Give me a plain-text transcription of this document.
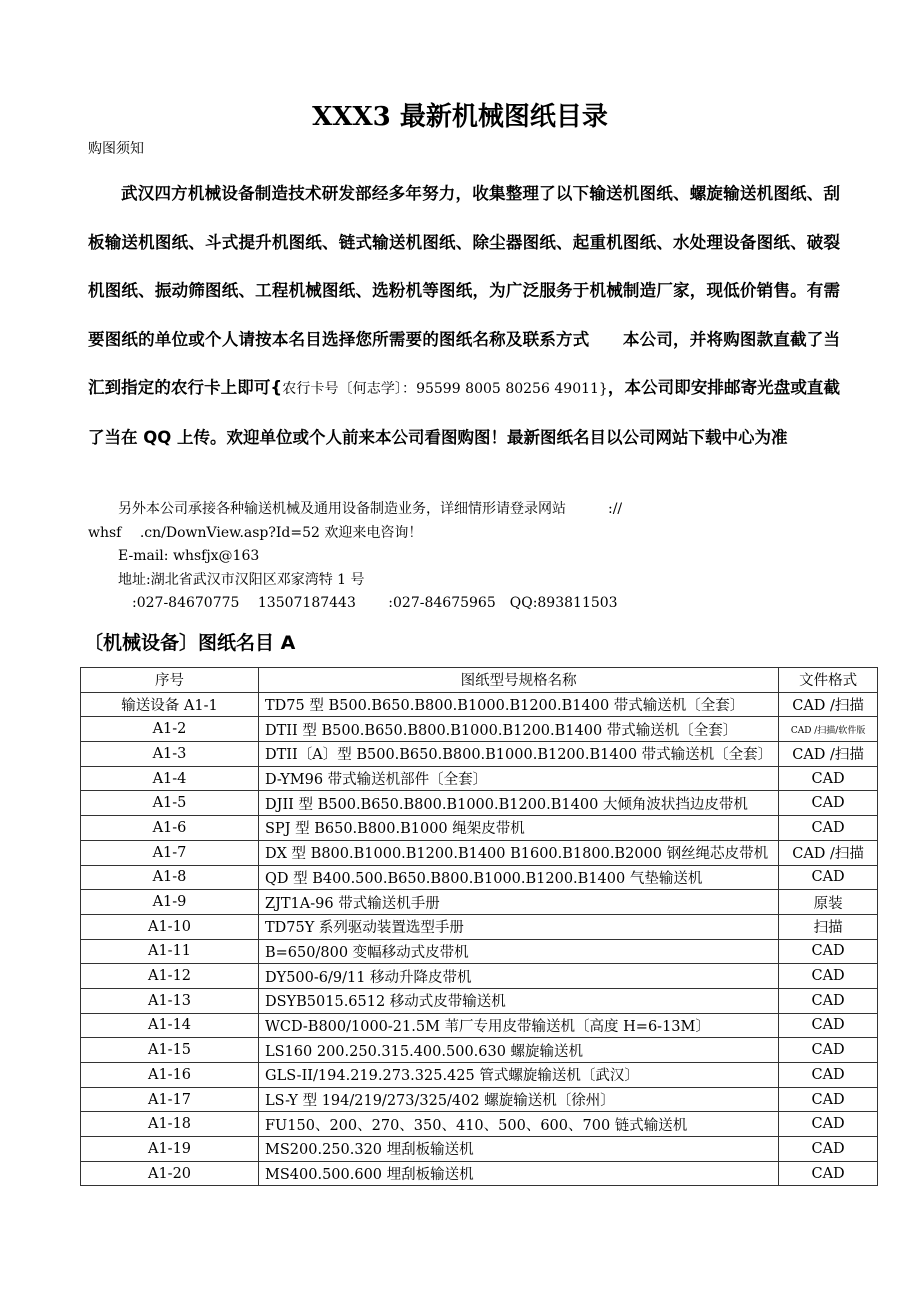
XXX3 最新机械图纸目录
购图须知
武汉四方机械设备制造技术研发部经多年努力，收集整理了以下输送机图纸、螺旋输送机图纸、刮板输送机图纸、斗式提升机图纸、链式输送机图纸、除尘器图纸、起重机图纸、水处理设备图纸、破裂机图纸、振动筛图纸、工程机械图纸、选粉机等图纸，为广泛服务于机械制造厂家，现低价销售。有需要图纸的单位或个人请按本名目选择您所需要的图纸名称及联系方式　　本公司，并将购图款直截了当汇到指定的农行卡上即可{农行卡号〔何志学〕：95599 8005 80256 49011}，本公司即安排邮寄光盘或直截了当在 QQ 上传。欢迎单位或个人前来本公司看图购图！最新图纸名目以公司网站下载中心为准
另外本公司承接各种输送机械及通用设备制造业务，详细情形请登录网站　　　://
whsf　 .cn/DownView.asp?Id=52 欢迎来电咨询！
E-mail: whsfjx@163
地址:湖北省武汉市汉阳区邓家湾特 1 号
　:027-84670775　 13507187443　　 :027-84675965　QQ:893811503
〔机械设备〕图纸名目 A
序号	图纸型号规格名称	文件格式
输送设备 A1-1	TD75 型 B500.B650.B800.B1000.B1200.B1400 带式输送机〔全套〕	CAD /扫描
A1-2	DTII 型 B500.B650.B800.B1000.B1200.B1400 带式输送机〔全套〕	CAD /扫描/软件版
A1-3	DTII〔A〕型 B500.B650.B800.B1000.B1200.B1400 带式输送机〔全套〕	CAD /扫描
A1-4	D-YM96 带式输送机部件〔全套〕	CAD
A1-5	DJII 型 B500.B650.B800.B1000.B1200.B1400 大倾角波状挡边皮带机	CAD
A1-6	SPJ 型 B650.B800.B1000 绳架皮带机	CAD
A1-7	DX 型 B800.B1000.B1200.B1400 B1600.B1800.B2000 钢丝绳芯皮带机	CAD /扫描
A1-8	QD 型 B400.500.B650.B800.B1000.B1200.B1400 气垫输送机	CAD
A1-9	ZJT1A-96 带式输送机手册	原装
A1-10	TD75Y 系列驱动装置选型手册	扫描
A1-11	B=650/800 变幅移动式皮带机	CAD
A1-12	DY500-6/9/11 移动升降皮带机	CAD
A1-13	DSYB5015.6512 移动式皮带输送机	CAD
A1-14	WCD-B800/1000-21.5M 苇厂专用皮带输送机〔高度 H=6-13M〕	CAD
A1-15	LS160 200.250.315.400.500.630 螺旋输送机	CAD
A1-16	GLS-II/194.219.273.325.425 管式螺旋输送机〔武汉〕	CAD
A1-17	LS-Y 型 194/219/273/325/402 螺旋输送机〔徐州〕	CAD
A1-18	FU150、200、270、350、410、500、600、700 链式输送机	CAD
A1-19	MS200.250.320 埋刮板输送机	CAD
A1-20	MS400.500.600 埋刮板输送机	CAD
